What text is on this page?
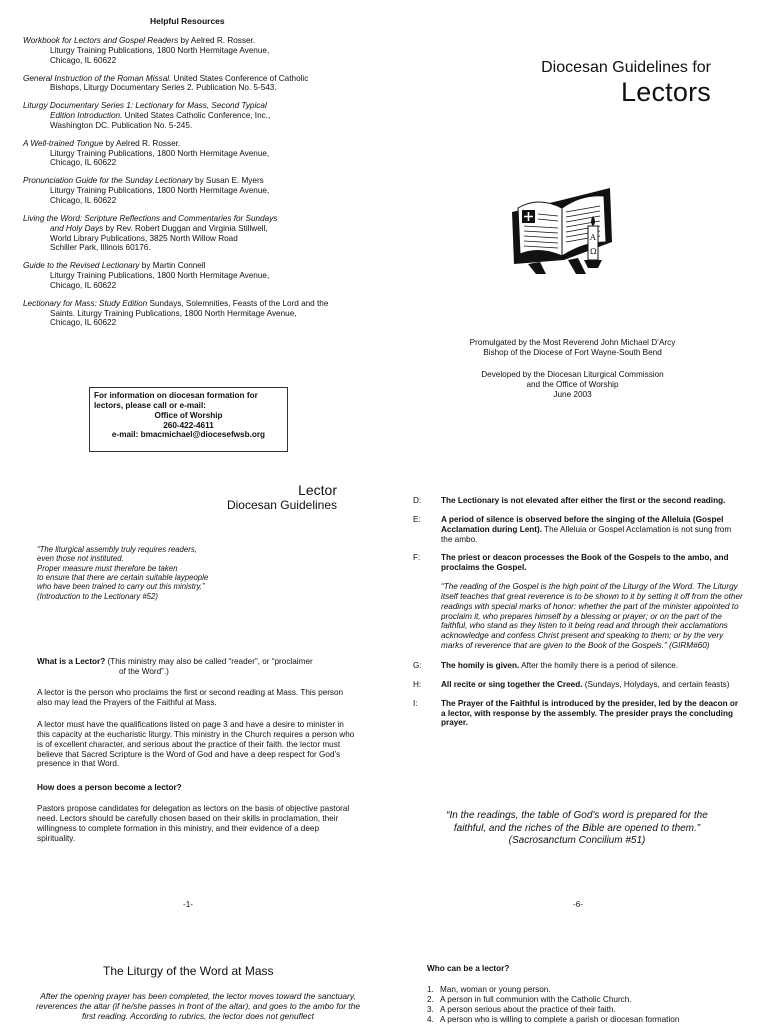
Helpful Resources
Workbook for Lectors and Gospel Readers by Aelred R. Rosser.
Liturgy Training Publications, 1800 North Hermitage Avenue,
Chicago, IL 60622
General Instruction of the Roman Missal. United States Conference of Catholic
Bishops, Liturgy Documentary Series 2. Publication No. 5-543.
Liturgy Documentary Series 1: Lectionary for Mass, Second Typical
Edition Introduction. United States Catholic Conference, Inc.,
Washington DC. Publication No. 5-245.
A Well-trained Tongue by Aelred R. Rosser.
Liturgy Training Publications, 1800 North Hermitage Avenue,
Chicago, IL 60622
Pronunciation Guide for the Sunday Lectionary by Susan E. Myers
Liturgy Training Publications, 1800 North Hermitage Avenue,
Chicago, IL 60622
Living the Word: Scripture Reflections and Commentaries for Sundays
and Holy Days by Rev. Robert Duggan and Virginia Stillwell,
World Library Publications, 3825 North Willow Road
Schiller Park, Illinois 60176.
Guide to the Revised Lectionary by Martin Connell
Liturgy Training Publications, 1800 North Hermitage Avenue,
Chicago, IL 60622
Lectionary for Mass: Study Edition Sundays, Solemnities, Feasts of the Lord and the
Saints. Liturgy Training Publications, 1800 North Hermitage Avenue,
Chicago, IL 60622
Diocesan Guidelines for
Lectors
A
Ω
Promulgated by the Most Reverend John Michael D’Arcy
Bishop of the Diocese of Fort Wayne-South Bend
Developed by the Diocesan Liturgical Commission
and the Office of Worship
June 2003
For information on diocesan formation for
lectors, please call or e-mail:
Office of Worship
260-422-4611
e-mail: bmacmichael@diocesefwsb.org
Lector
Diocesan Guidelines
“The liturgical assembly truly requires readers,
even those not instituted.
Proper measure must therefore be taken
to ensure that there are certain suitable laypeople
who have been trained to carry out this ministry.”
(Introduction to the Lectionary #52)
What is a Lector? (This ministry may also be called “reader”, or “proclaimer
of the Word”.)
A lector is the person who proclaims the first or second reading at Mass. This person also may lead the Prayers of the Faithful at Mass.
A lector must have the qualifications listed on page 3 and have a desire to minister in this capacity at the eucharistic liturgy. This ministry in the Church requires a person who is of excellent character, and serious about the practice of their faith. the lector must believe that Sacred Scripture is the Word of God and have a deep respect for God’s presence in that Word.
How does a person become a lector?
Pastors propose candidates for delegation as lectors on the basis of objective pastoral need. Lectors should be carefully chosen based on their skills in proclamation, their willingness to complete formation in this ministry, and their evidence of a deep spirituality.
-1-
D:	The Lectionary is not elevated after either the first or the second reading.
E:	A period of silence is observed before the singing of the Alleluia (Gospel Acclamation during Lent). The Alleluia or Gospel Acclamation is not sung from the ambo.
F:	The priest or deacon processes the Book of the Gospels to the ambo, and proclaims the Gospel.
“The reading of the Gospel is the high point of the Liturgy of the Word. The Liturgy itself teaches that great reverence is to be shown to it by setting it off from the other readings with special marks of honor: whether the part of the minister appointed to proclaim it, who prepares himself by a blessing or prayer; or on the part of the faithful, who stand as they listen to it being read and through their acclamations acknowledge and confess Christ present and speaking to them; or by the very marks of reverence that are given to the Book of the Gospels.” (GIRM#60)
G:	The homily is given. After the homily there is a period of silence.
H:	All recite or sing together the Creed. (Sundays, Holydays, and certain feasts)
I:	The Prayer of the Faithful is introduced by the presider, led by the deacon or a lector, with response by the assembly. The presider prays the concluding prayer.
“In the readings, the table of God’s word is prepared for the faithful, and the riches of the Bible are opened to them.” (Sacrosanctum Concilium #51)
-6-
The Liturgy of the Word at Mass
After the opening prayer has been completed, the lector moves toward the sanctuary, reverences the altar (if he/she passes in front of the altar), and goes to the ambo for the first reading. According to rubrics, the lector does not genuflect
Who can be a lector?
1. Man, woman or young person.
2. A person in full communion with the Catholic Church.
3. A person serious about the practice of their faith.
4. A person who is willing to complete a parish or diocesan formation
